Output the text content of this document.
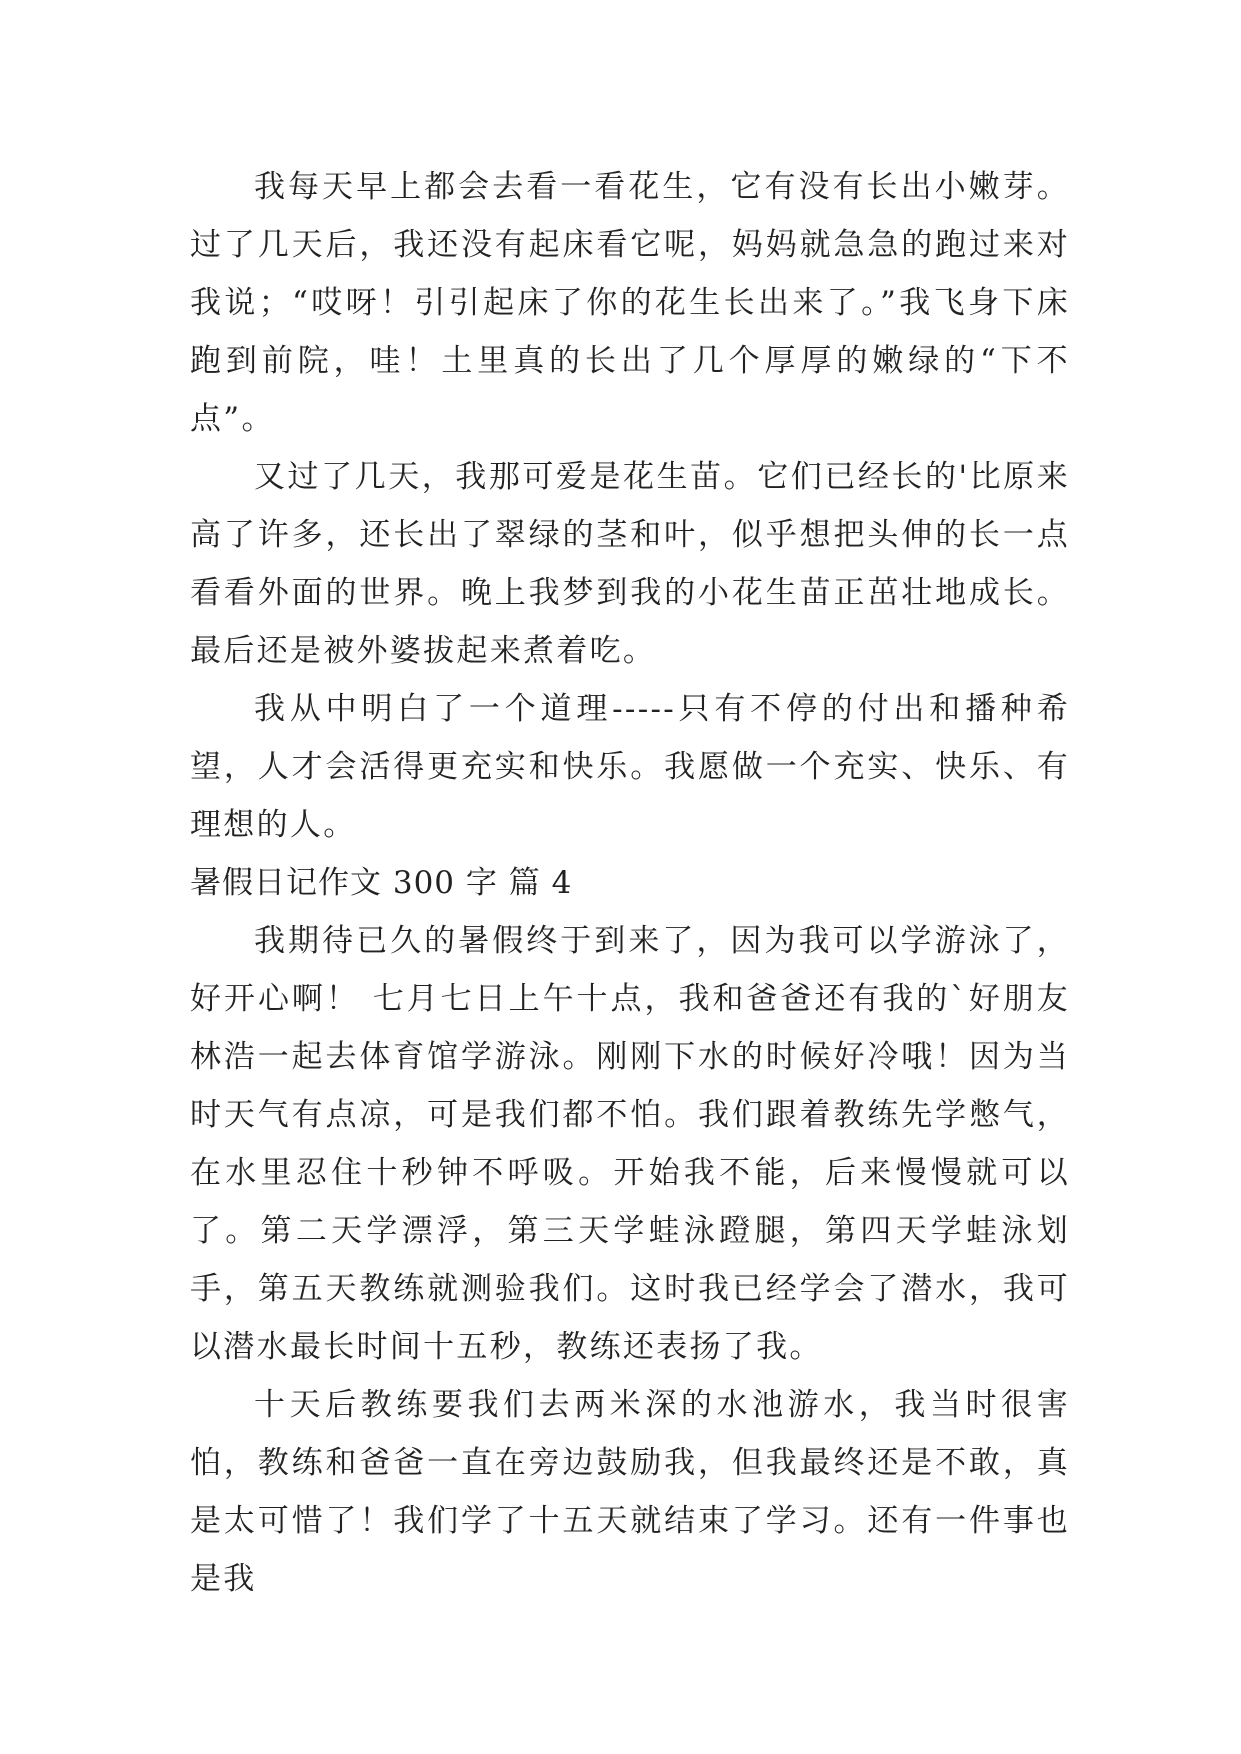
我每天早上都会去看一看花生，它有没有长出小嫩芽。过了几天后，我还没有起床看它呢，妈妈就急急的跑过来对我说；“哎呀！引引起床了你的花生长出来了。”我飞身下床跑到前院，哇！土里真的长出了几个厚厚的嫩绿的“下不点”。

又过了几天，我那可爱是花生苗。它们已经长的'比原来高了许多，还长出了翠绿的茎和叶，似乎想把头伸的长一点看看外面的世界。晚上我梦到我的小花生苗正茁壮地成长。最后还是被外婆拔起来煮着吃。

我从中明白了一个道理-----只有不停的付出和播种希望，人才会活得更充实和快乐。我愿做一个充实、快乐、有理想的人。

暑假日记作文 300 字 篇 4

我期待已久的暑假终于到来了，因为我可以学游泳了，好开心啊！ 七月七日上午十点，我和爸爸还有我的`好朋友林浩一起去体育馆学游泳。刚刚下水的时候好冷哦！因为当时天气有点凉，可是我们都不怕。我们跟着教练先学憋气，在水里忍住十秒钟不呼吸。开始我不能，后来慢慢就可以了。第二天学漂浮，第三天学蛙泳蹬腿，第四天学蛙泳划手，第五天教练就测验我们。这时我已经学会了潜水，我可以潜水最长时间十五秒，教练还表扬了我。

十天后教练要我们去两米深的水池游水，我当时很害怕，教练和爸爸一直在旁边鼓励我，但我最终还是不敢，真是太可惜了！我们学了十五天就结束了学习。还有一件事也是我
